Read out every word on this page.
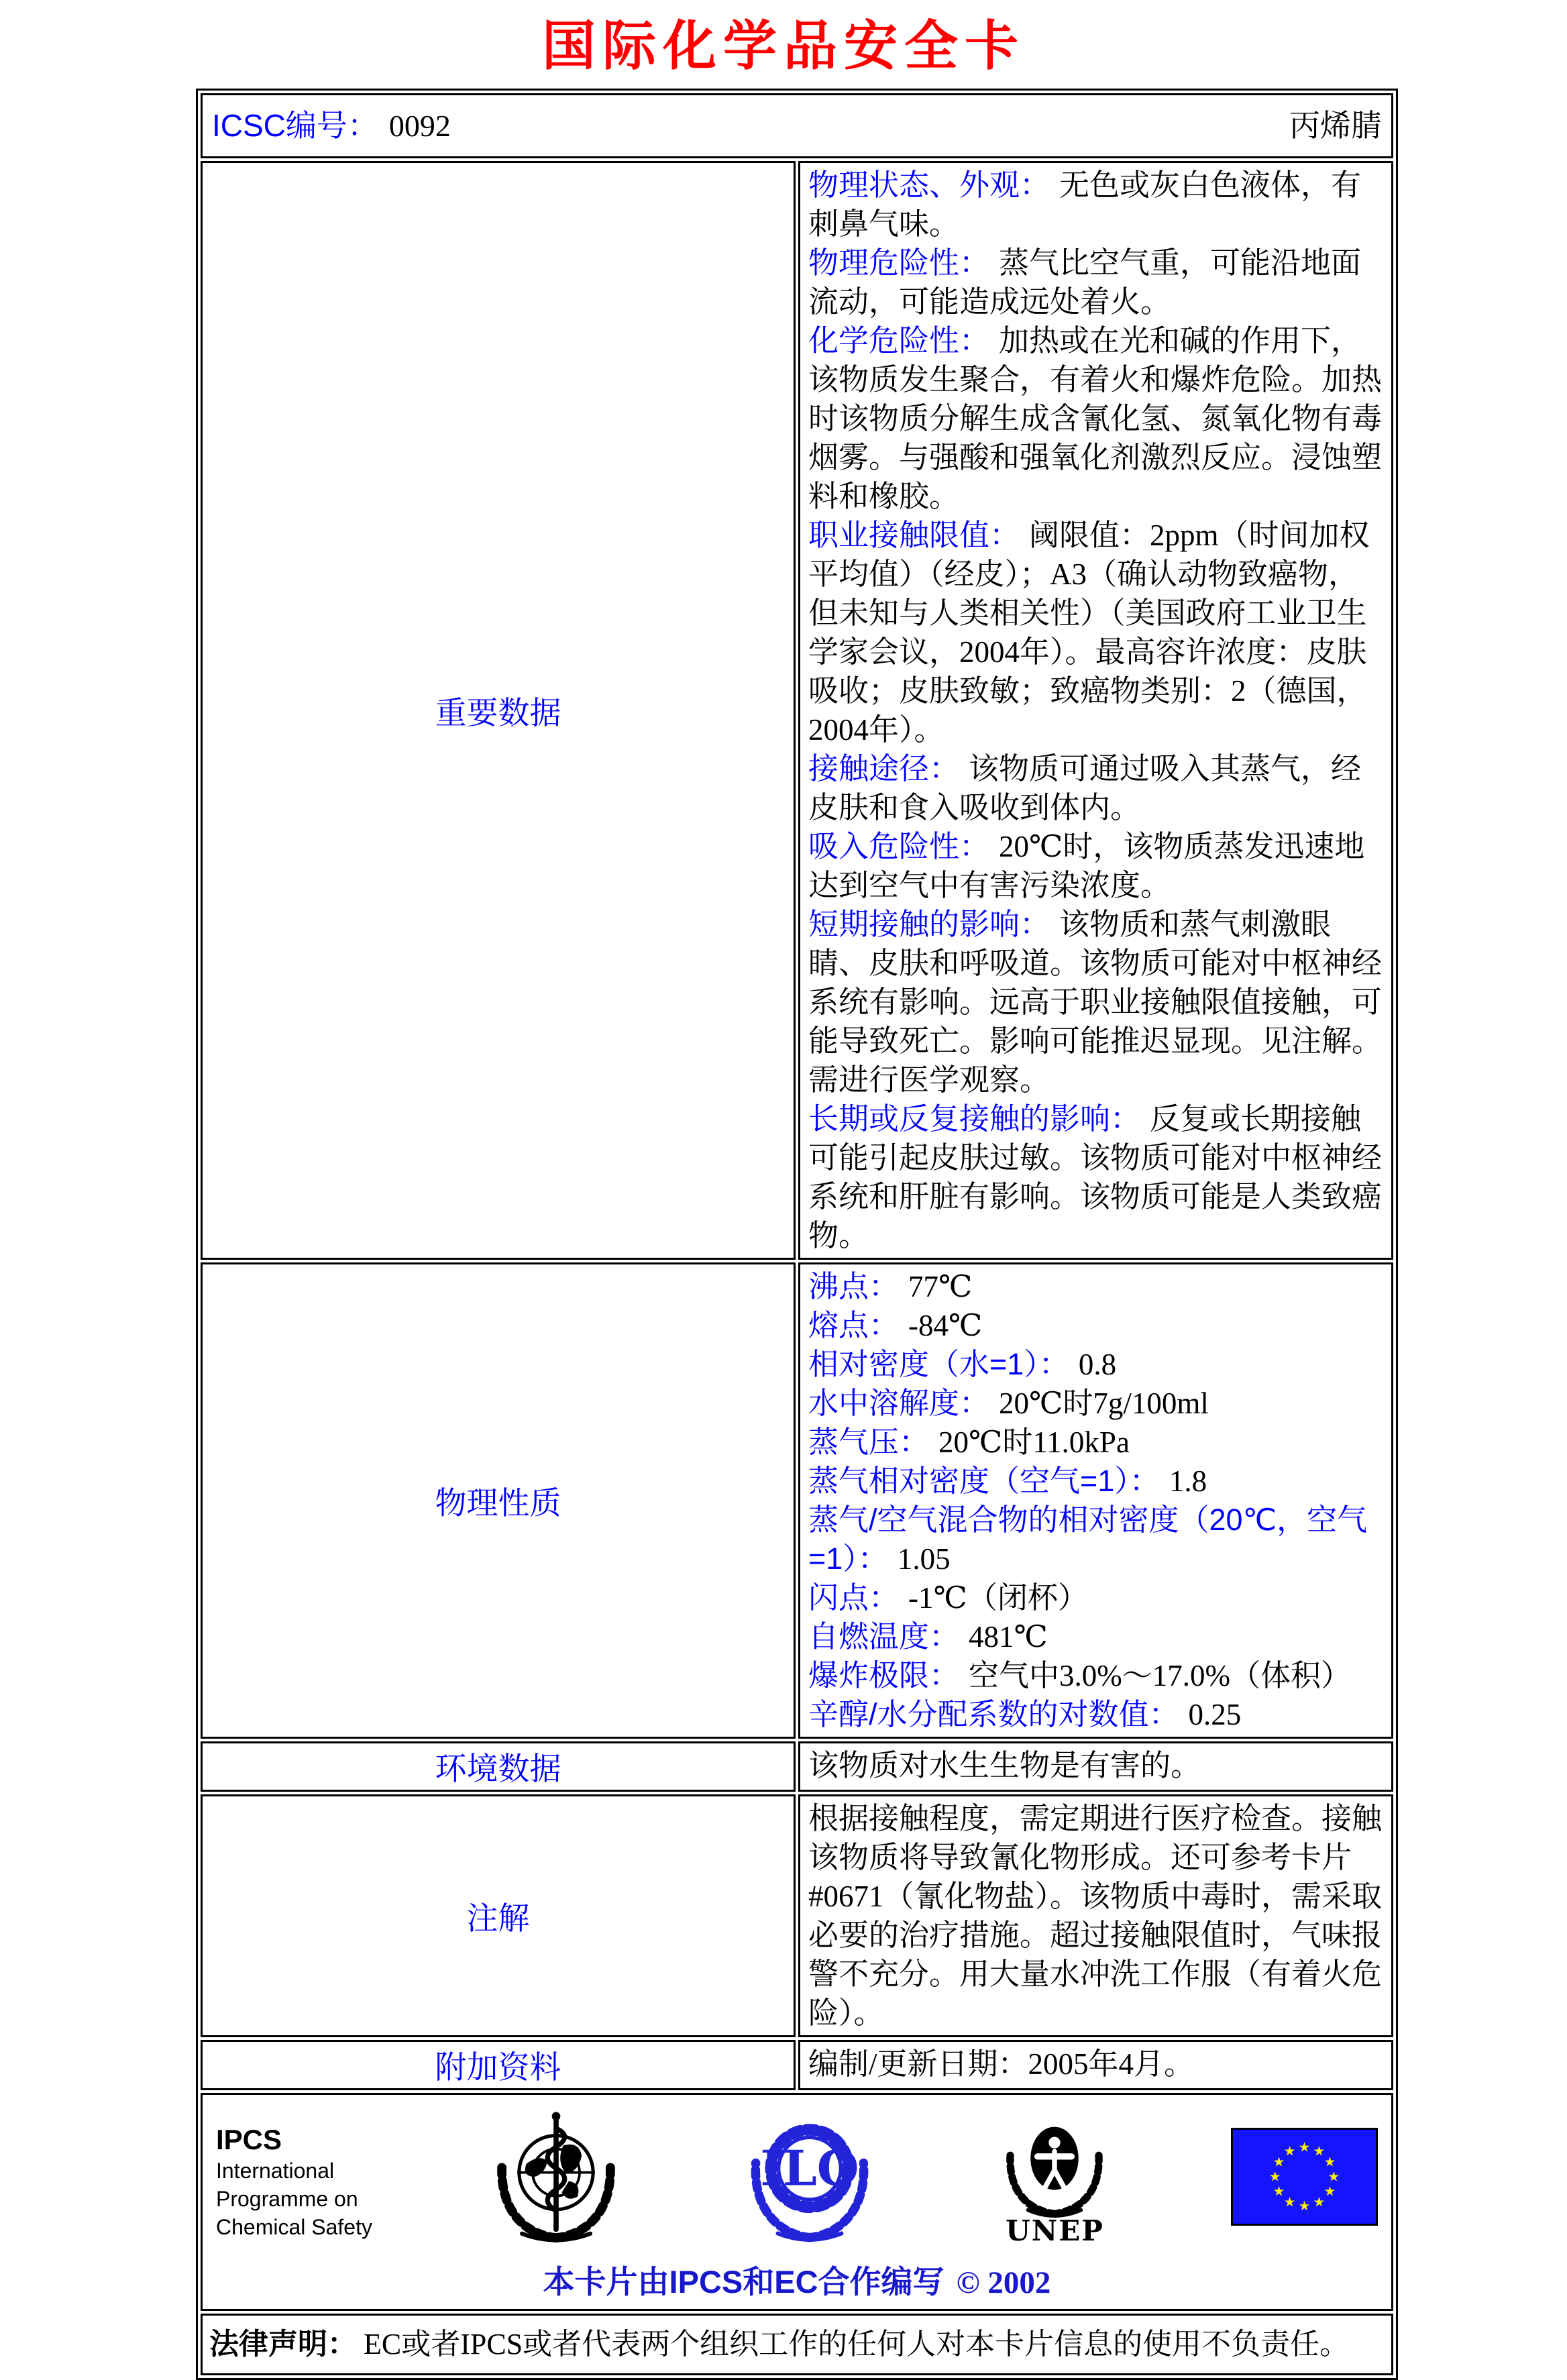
国际化学品安全卡
ICSC编号： 0092 丙烯腈	

重要数据	
物理状态、外观： 无色或灰白色液体，有刺鼻气味。
物理危险性： 蒸气比空气重，可能沿地面流动，可能造成远处着火。
化学危险性： 加热或在光和碱的作用下，该物质发生聚合，有着火和爆炸危险。加热时该物质分解生成含氰化氢、氮氧化物有毒烟雾。与强酸和强氧化剂激烈反应。浸蚀塑料和橡胶。
职业接触限值： 阈限值：2ppm（时间加权平均值）（经皮）；A3（确认动物致癌物，但未知与人类相关性）（美国政府工业卫生学家会议，2004年）。最高容许浓度：皮肤吸收；皮肤致敏；致癌物类别：2（德国，2004年）。
接触途径： 该物质可通过吸入其蒸气，经皮肤和食入吸收到体内。
吸入危险性： 20℃时，该物质蒸发迅速地达到空气中有害污染浓度。
短期接触的影响： 该物质和蒸气刺激眼睛、皮肤和呼吸道。该物质可能对中枢神经系统有影响。远高于职业接触限值接触，可能导致死亡。影响可能推迟显现。见注解。需进行医学观察。
长期或反复接触的影响： 反复或长期接触可能引起皮肤过敏。该物质可能对中枢神经系统和肝脏有影响。该物质可能是人类致癌物。

物理性质	
沸点： 77℃
熔点： -84℃
相对密度（水=1）： 0.8
水中溶解度： 20℃时7g/100ml
蒸气压： 20℃时11.0kPa
蒸气相对密度（空气=1）： 1.8
蒸气/空气混合物的相对密度（20℃，空气=1）： 1.05
闪点： -1℃（闭杯）
自燃温度： 481℃
爆炸极限： 空气中3.0%～17.0%（体积）
辛醇/水分配系数的对数值： 0.25

环境数据	该物质对水生生物是有害的。

注解	根据接触程度，需定期进行医疗检查。接触该物质将导致氰化物形成。还可参考卡片#0671（氰化物盐）。该物质中毒时，需采取必要的治疗措施。超过接触限值时，气味报警不充分。用大量水冲洗工作服（有着火危险）。

附加资料	编制/更新日期：2005年4月。

IPCS
International
Programme on
Chemical Safety
ILO
UNEP
本卡片由IPCS和EC合作编写 © 2002

法律声明： EC或者IPCS或者代表两个组织工作的任何人对本卡片信息的使用不负责任。	
